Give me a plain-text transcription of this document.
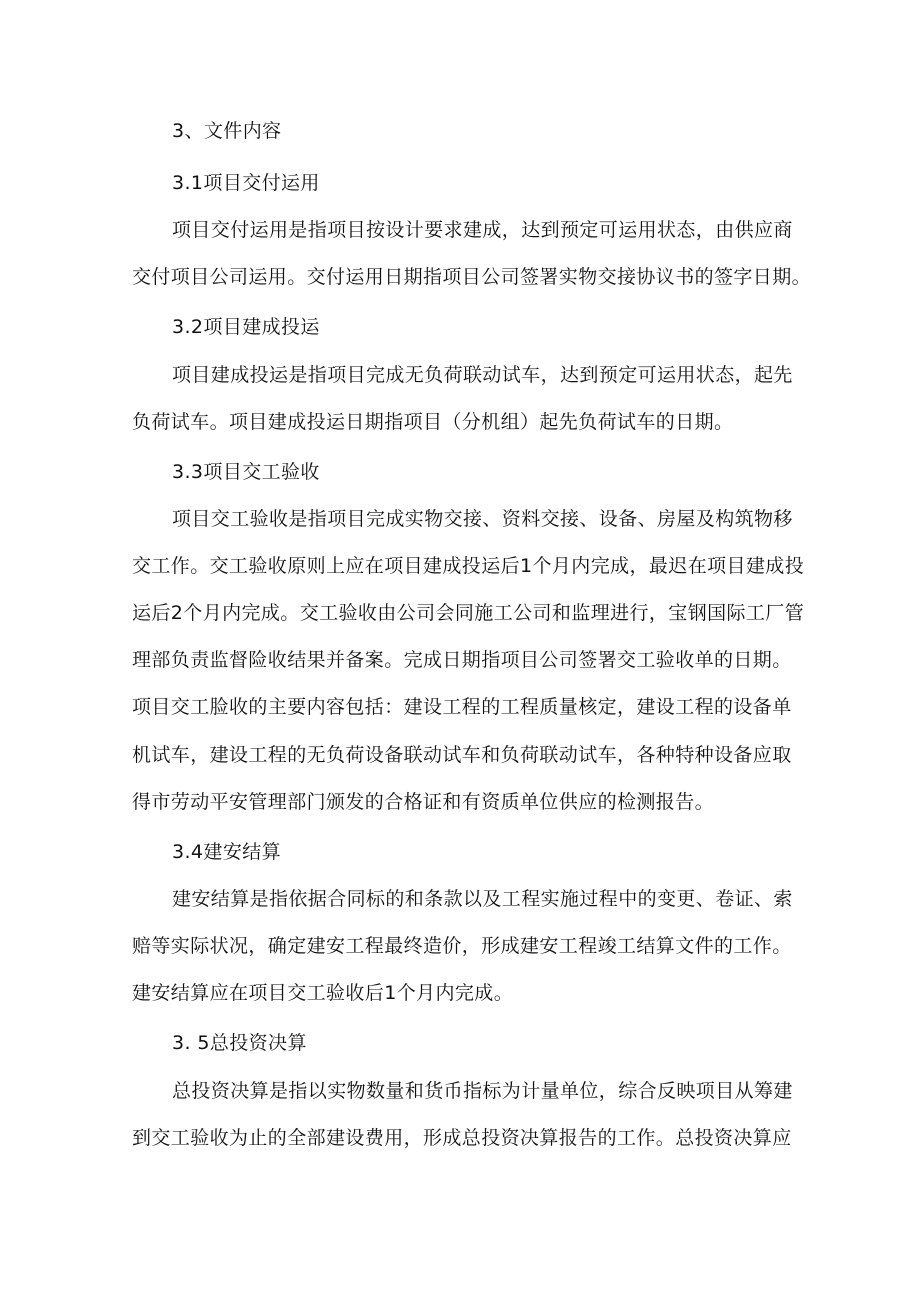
3、文件内容
3.1项目交付运用
项目交付运用是指项目按设计要求建成，达到预定可运用状态，由供应商
交付项目公司运用。交付运用日期指项目公司签署实物交接协议书的签字日期。
3.2项目建成投运
项目建成投运是指项目完成无负荷联动试车，达到预定可运用状态，起先
负荷试车。项目建成投运日期指项目（分机组）起先负荷试车的日期。
3.3项目交工验收
项目交工验收是指项目完成实物交接、资料交接、设备、房屋及构筑物移
交工作。交工验收原则上应在项目建成投运后1个月内完成，最迟在项目建成投
运后2个月内完成。交工验收由公司会同施工公司和监理进行，宝钢国际工厂管
理部负责监督险收结果并备案。完成日期指项目公司签署交工验收单的日期。
项目交工脸收的主要内容包括：建设工程的工程质量核定，建设工程的设备单
机试车，建设工程的无负荷设备联动试车和负荷联动试车，各种特种设备应取
得市劳动平安管理部门颁发的合格证和有资质单位供应的检测报告。
3.4建安结算
建安结算是指依据合同标的和条款以及工程实施过程中的变更、卷证、索
赔等实际状况，确定建安工程最终造价，形成建安工程竣工结算文件的工作。
建安结算应在项目交工验收后1个月内完成。
3. 5总投资决算
总投资决算是指以实物数量和货币指标为计量单位，综合反映项目从筹建
到交工验收为止的全部建设费用，形成总投资决算报告的工作。总投资决算应
